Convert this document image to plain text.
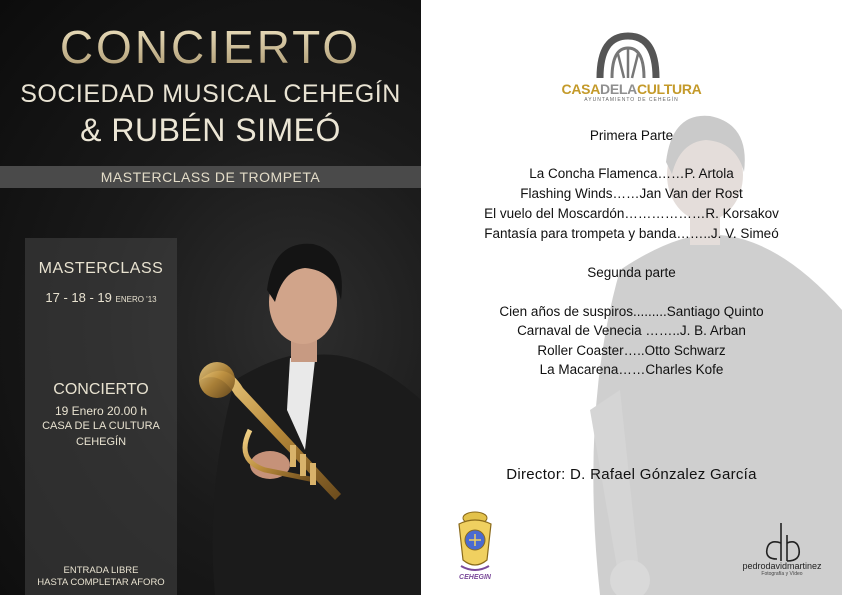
CONCIERTO
SOCIEDAD MUSICAL CEHEGÍN
& RUBÉN SIMEÓ
MASTERCLASS DE TROMPETA
MASTERCLASS
17 - 18 - 19 ENERO '13
CONCIERTO
19 Enero 20.00 h
CASA DE LA CULTURA
CEHEGÍN
ENTRADA LIBRE
HASTA COMPLETAR AFORO
CASADELACULTURA
AYUNTAMIENTO DE CEHEGÍN
Primera Parte
La Concha Flamenca……P. Artola
Flashing Winds……Jan Van der Rost
El vuelo del Moscardón………………R. Korsakov
Fantasía para trompeta y banda……..J. V. Simeó
Segunda parte
Cien años de suspiros.........Santiago Quinto
Carnaval de Venecia ……..J. B. Arban
Roller Coaster…..Otto Schwarz
La Macarena……Charles Kofe
Director: D. Rafael Gónzalez García
CEHEGIN
pedrodavidmartinez
Fotografía y Vídeo
